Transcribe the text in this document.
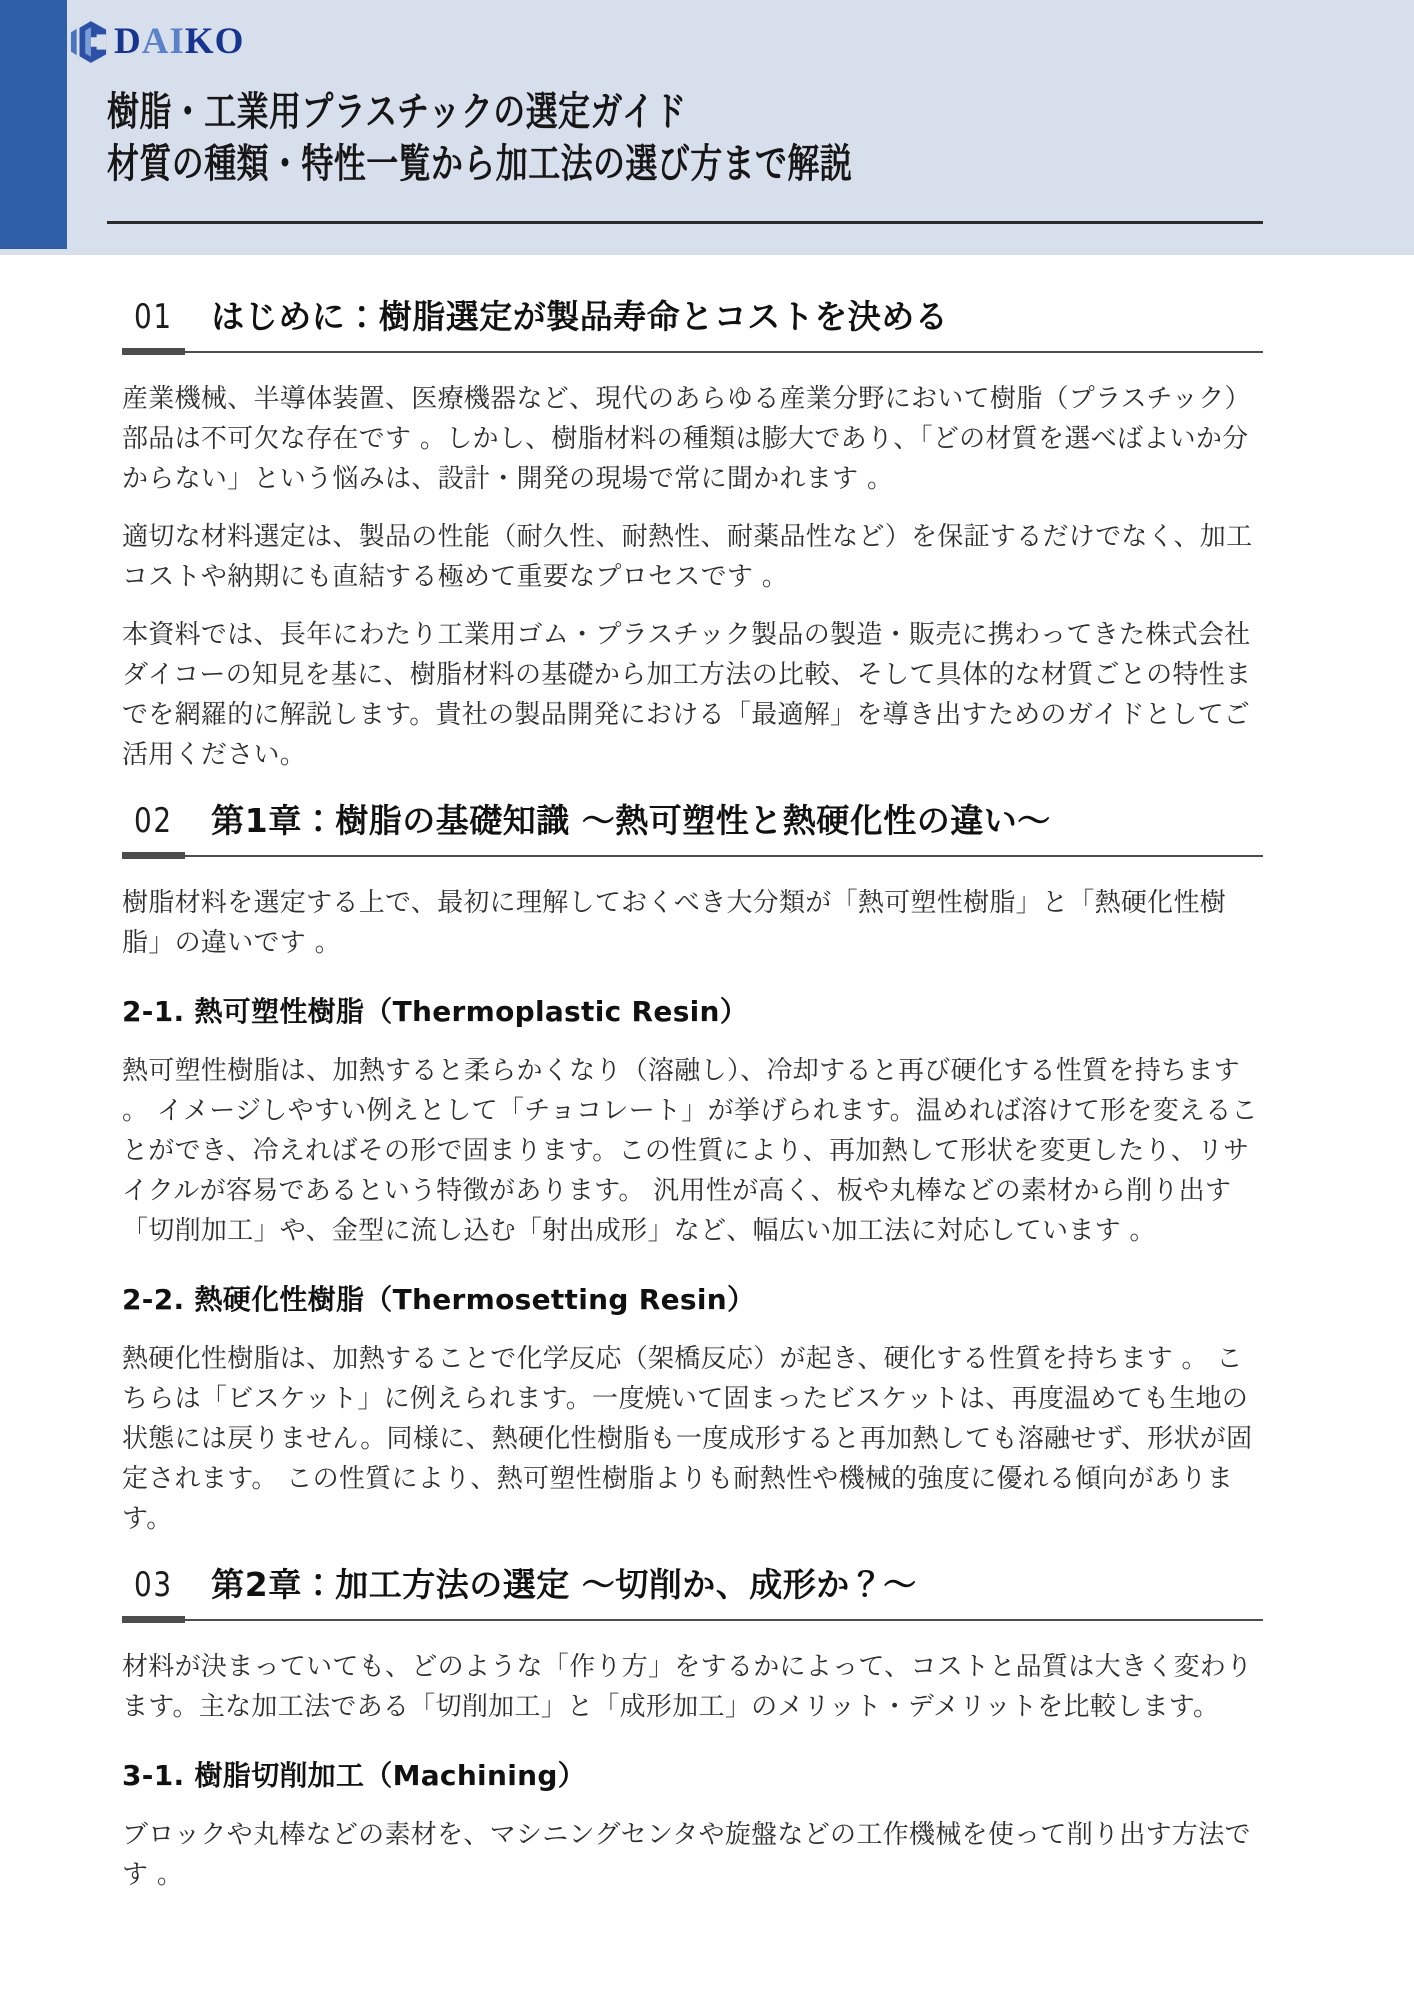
DAIKO
樹脂・工業用プラスチックの選定ガイド
材質の種類・特性一覧から加工法の選び方まで解説
01 はじめに：樹脂選定が製品寿命とコストを決める

産業機械、半導体装置、医療機器など、現代のあらゆる産業分野において樹脂（プラスチック）部品は不可欠な存在です 。しかし、樹脂材料の種類は膨大であり、「どの材質を選べばよいか分からない」という悩みは、設計・開発の現場で常に聞かれます 。

適切な材料選定は、製品の性能（耐久性、耐熱性、耐薬品性など）を保証するだけでなく、加工コストや納期にも直結する極めて重要なプロセスです 。

本資料では、長年にわたり工業用ゴム・プラスチック製品の製造・販売に携わってきた株式会社ダイコーの知見を基に、樹脂材料の基礎から加工方法の比較、そして具体的な材質ごとの特性までを網羅的に解説します。貴社の製品開発における「最適解」を導き出すためのガイドとしてご活用ください。

02 第1章：樹脂の基礎知識 〜熱可塑性と熱硬化性の違い〜

樹脂材料を選定する上で、最初に理解しておくべき大分類が「熱可塑性樹脂」と「熱硬化性樹脂」の違いです 。

2-1. 熱可塑性樹脂（Thermoplastic Resin）

熱可塑性樹脂は、加熱すると柔らかくなり（溶融し）、冷却すると再び硬化する性質を持ちます 。 イメージしやすい例えとして「チョコレート」が挙げられます。温めれば溶けて形を変えることができ、冷えればその形で固まります。この性質により、再加熱して形状を変更したり、リサイクルが容易であるという特徴があります。 汎用性が高く、板や丸棒などの素材から削り出す「切削加工」や、金型に流し込む「射出成形」など、幅広い加工法に対応しています 。

2-2. 熱硬化性樹脂（Thermosetting Resin）

熱硬化性樹脂は、加熱することで化学反応（架橋反応）が起き、硬化する性質を持ちます 。 こちらは「ビスケット」に例えられます。一度焼いて固まったビスケットは、再度温めても生地の状態には戻りません。同様に、熱硬化性樹脂も一度成形すると再加熱しても溶融せず、形状が固定されます。 この性質により、熱可塑性樹脂よりも耐熱性や機械的強度に優れる傾向があります。

03 第2章：加工方法の選定 〜切削か、成形か？〜

材料が決まっていても、どのような「作り方」をするかによって、コストと品質は大きく変わります。主な加工法である「切削加工」と「成形加工」のメリット・デメリットを比較します。

3-1. 樹脂切削加工（Machining）

ブロックや丸棒などの素材を、マシニングセンタや旋盤などの工作機械を使って削り出す方法です 。
